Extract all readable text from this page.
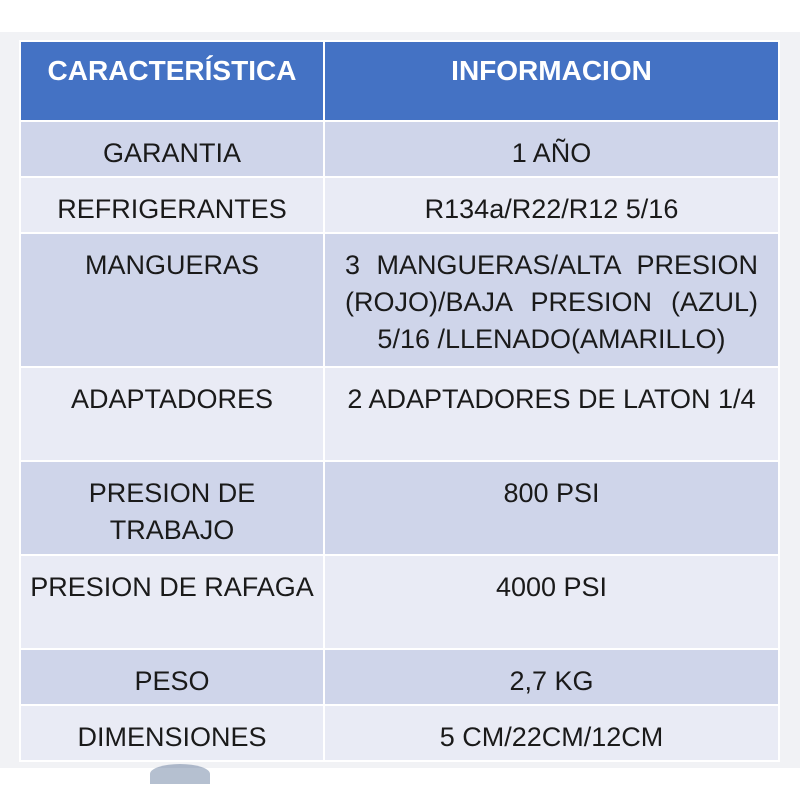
CARACTERÍSTICA	INFORMACION
GARANTIA	1 AÑO
REFRIGERANTES	R134a/R22/R12 5/16
MANGUERAS	3 MANGUERAS/ALTA PRESION (ROJO)/BAJA PRESION (AZUL) 5/16 /LLENADO(AMARILLO)
ADAPTADORES	2 ADAPTADORES DE LATON 1/4
PRESION DE TRABAJO	800 PSI
PRESION DE RAFAGA	4000 PSI
PESO	2,7 KG
DIMENSIONES	5 CM/22CM/12CM
